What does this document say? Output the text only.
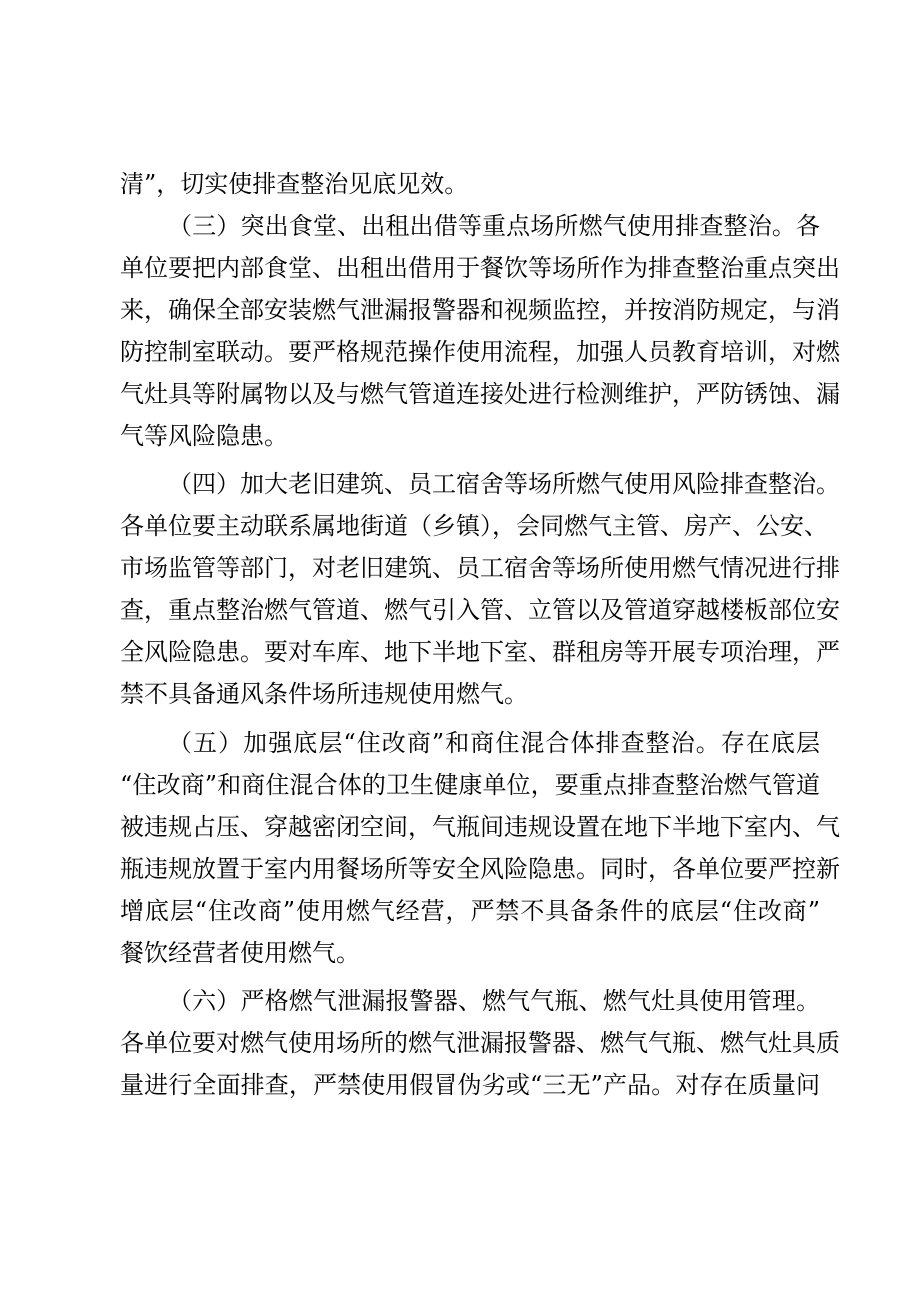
清”，切实使排查整治见底见效。
（三）突出食堂、出租出借等重点场所燃气使用排查整治。各
单位要把内部食堂、出租出借用于餐饮等场所作为排查整治重点突出
来，确保全部安装燃气泄漏报警器和视频监控，并按消防规定，与消
防控制室联动。要严格规范操作使用流程，加强人员教育培训，对燃
气灶具等附属物以及与燃气管道连接处进行检测维护，严防锈蚀、漏
气等风险隐患。
（四）加大老旧建筑、员工宿舍等场所燃气使用风险排查整治。
各单位要主动联系属地街道（乡镇），会同燃气主管、房产、公安、
市场监管等部门，对老旧建筑、员工宿舍等场所使用燃气情况进行排
查，重点整治燃气管道、燃气引入管、立管以及管道穿越楼板部位安
全风险隐患。要对车库、地下半地下室、群租房等开展专项治理，严
禁不具备通风条件场所违规使用燃气。
（五）加强底层“住改商”和商住混合体排查整治。存在底层
“住改商”和商住混合体的卫生健康单位，要重点排查整治燃气管道
被违规占压、穿越密闭空间，气瓶间违规设置在地下半地下室内、气
瓶违规放置于室内用餐场所等安全风险隐患。同时，各单位要严控新
增底层“住改商”使用燃气经营，严禁不具备条件的底层“住改商”
餐饮经营者使用燃气。
（六）严格燃气泄漏报警器、燃气气瓶、燃气灶具使用管理。
各单位要对燃气使用场所的燃气泄漏报警器、燃气气瓶、燃气灶具质
量进行全面排查，严禁使用假冒伪劣或“三无”产品。对存在质量问
